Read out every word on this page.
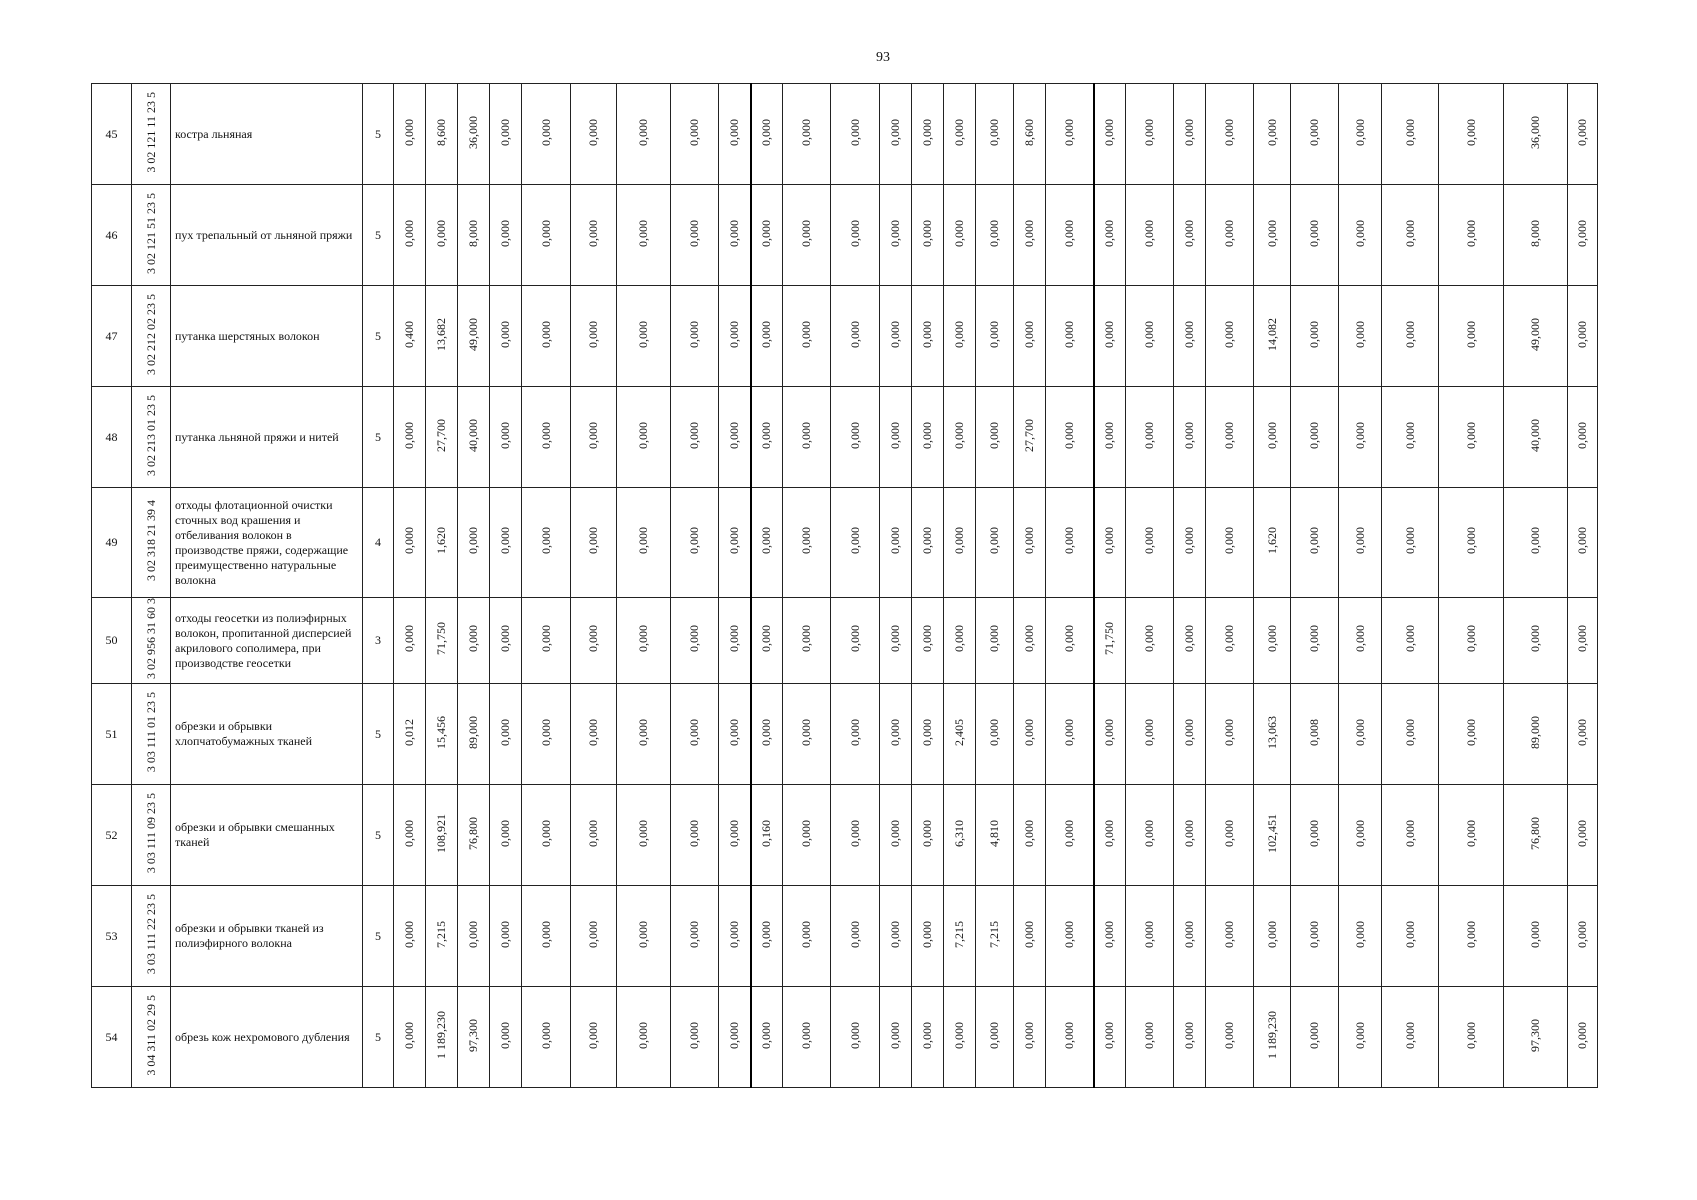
93
45	3 02 121 11 23 5	костра льняная	5	0,000	8,600	36,000	0,000	0,000	0,000	0,000	0,000	0,000	0,000	0,000	0,000	0,000	0,000	0,000	0,000	8,600	0,000	0,000	0,000	0,000	0,000	0,000	0,000	0,000	0,000	0,000	36,000	0,000
46	3 02 121 51 23 5	пух трепальный от льняной пряжи	5	0,000	0,000	8,000	0,000	0,000	0,000	0,000	0,000	0,000	0,000	0,000	0,000	0,000	0,000	0,000	0,000	0,000	0,000	0,000	0,000	0,000	0,000	0,000	0,000	0,000	0,000	0,000	8,000	0,000
47	3 02 212 02 23 5	путанка шерстяных волокон	5	0,400	13,682	49,000	0,000	0,000	0,000	0,000	0,000	0,000	0,000	0,000	0,000	0,000	0,000	0,000	0,000	0,000	0,000	0,000	0,000	0,000	0,000	14,082	0,000	0,000	0,000	0,000	49,000	0,000
48	3 02 213 01 23 5	путанка льняной пряжи и нитей	5	0,000	27,700	40,000	0,000	0,000	0,000	0,000	0,000	0,000	0,000	0,000	0,000	0,000	0,000	0,000	0,000	27,700	0,000	0,000	0,000	0,000	0,000	0,000	0,000	0,000	0,000	0,000	40,000	0,000
49	3 02 318 21 39 4	отходы флотационной очистки сточных вод крашения и отбеливания волокон в производстве пряжи, содержащие преимущественно натуральные волокна	4	0,000	1,620	0,000	0,000	0,000	0,000	0,000	0,000	0,000	0,000	0,000	0,000	0,000	0,000	0,000	0,000	0,000	0,000	0,000	0,000	0,000	0,000	1,620	0,000	0,000	0,000	0,000	0,000	0,000
50	3 02 956 31 60 3	отходы геосетки из полиэфирных волокон, пропитанной дисперсией акрилового сополимера, при производстве геосетки	3	0,000	71,750	0,000	0,000	0,000	0,000	0,000	0,000	0,000	0,000	0,000	0,000	0,000	0,000	0,000	0,000	0,000	0,000	71,750	0,000	0,000	0,000	0,000	0,000	0,000	0,000	0,000	0,000	0,000
51	3 03 111 01 23 5	обрезки и обрывки хлопчатобумажных тканей	5	0,012	15,456	89,000	0,000	0,000	0,000	0,000	0,000	0,000	0,000	0,000	0,000	0,000	0,000	2,405	0,000	0,000	0,000	0,000	0,000	0,000	0,000	13,063	0,008	0,000	0,000	0,000	89,000	0,000
52	3 03 111 09 23 5	обрезки и обрывки смешанных тканей	5	0,000	108,921	76,800	0,000	0,000	0,000	0,000	0,000	0,000	0,160	0,000	0,000	0,000	0,000	6,310	4,810	0,000	0,000	0,000	0,000	0,000	0,000	102,451	0,000	0,000	0,000	0,000	76,800	0,000
53	3 03 111 22 23 5	обрезки и обрывки тканей из полиэфирного волокна	5	0,000	7,215	0,000	0,000	0,000	0,000	0,000	0,000	0,000	0,000	0,000	0,000	0,000	0,000	7,215	7,215	0,000	0,000	0,000	0,000	0,000	0,000	0,000	0,000	0,000	0,000	0,000	0,000	0,000
54	3 04 311 02 29 5	обрезь кож нехромового дубления	5	0,000	1 189,230	97,300	0,000	0,000	0,000	0,000	0,000	0,000	0,000	0,000	0,000	0,000	0,000	0,000	0,000	0,000	0,000	0,000	0,000	0,000	0,000	1 189,230	0,000	0,000	0,000	0,000	97,300	0,000
